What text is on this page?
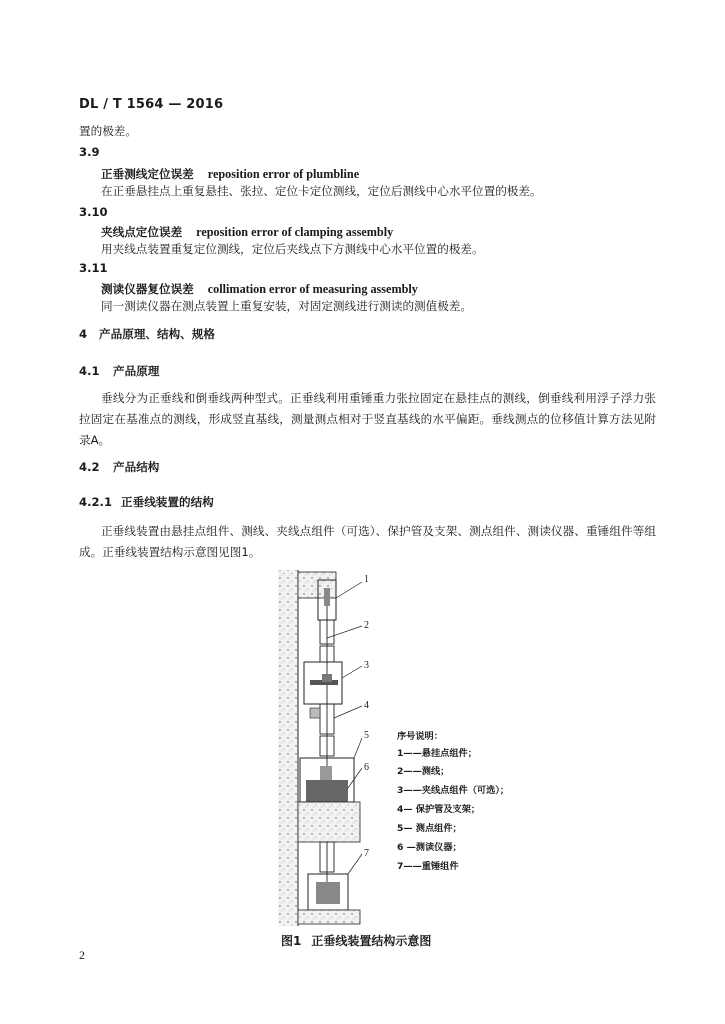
DL / T 1564 — 2016
置的极差。
3.9
正垂测线定位误差 reposition error of plumbline
在正垂悬挂点上重复悬挂、张拉、定位卡定位测线，定位后测线中心水平位置的极差。
3.10
夹线点定位误差 reposition error of clamping assembly
用夹线点装置重复定位测线，定位后夹线点下方测线中心水平位置的极差。
3.11
测读仪器复位误差 collimation error of measuring assembly
同一测读仪器在测点装置上重复安装，对固定测线进行测读的测值极差。
4 产品原理、结构、规格
4.1 产品原理
垂线分为正垂线和倒垂线两种型式。正垂线利用重锤重力张拉固定在悬挂点的测线，倒垂线利用浮子浮力张拉固定在基准点的测线，形成竖直基线，测量测点相对于竖直基线的水平偏距。垂线测点的位移值计算方法见附录A。
4.2 产品结构
4.2.1 正垂线装置的结构
正垂线装置由悬挂点组件、测线、夹线点组件（可选）、保护管及支架、测点组件、测读仪器、重锤组件等组成。正垂线装置结构示意图见图1。
1
2
3
4
5
6
7
序号说明：
1——悬挂点组件；
2——测线；
3——夹线点组件（可选）；
4— 保护管及支架；
5— 测点组件；
6 —测读仪器；
7——重锤组件
图1 正垂线装置结构示意图
2
